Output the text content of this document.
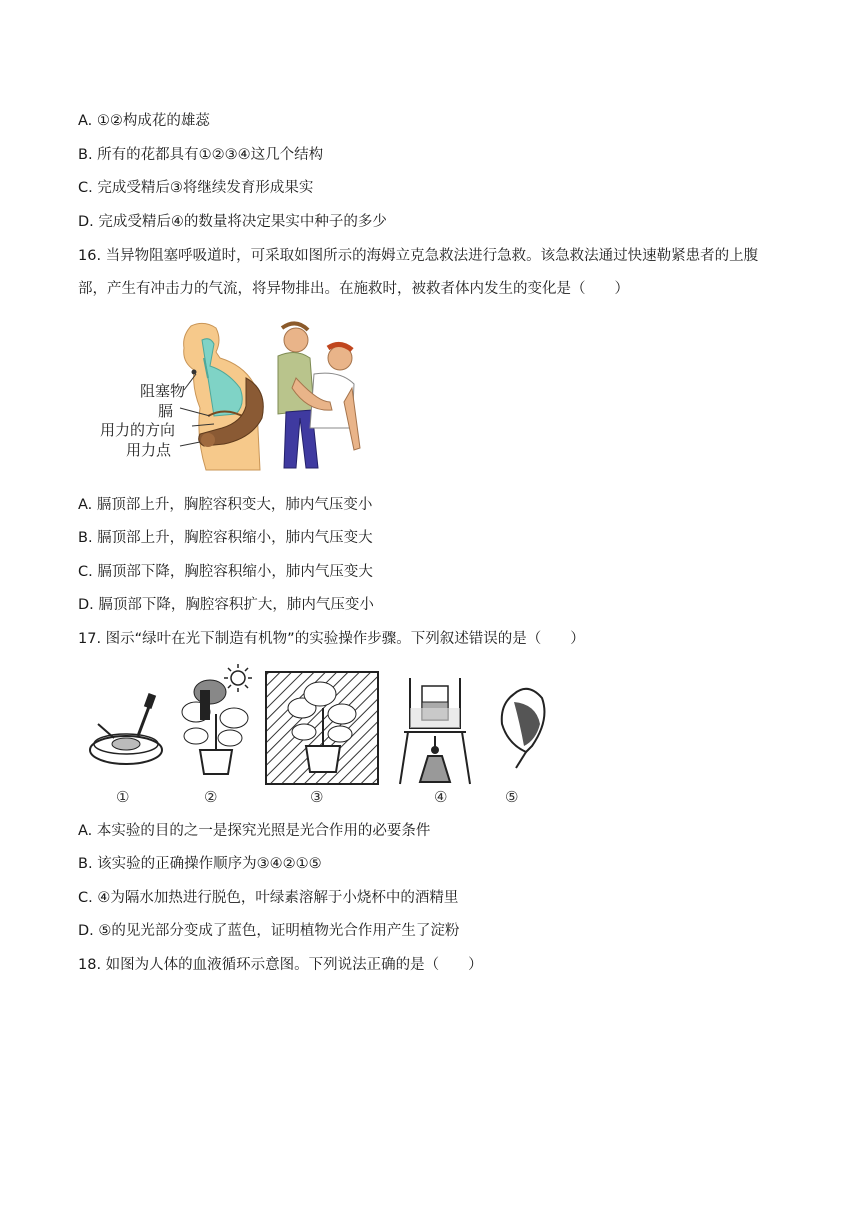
A. ①②构成花的雄蕊
B. 所有的花都具有①②③④这几个结构
C. 完成受精后③将继续发育形成果实
D. 完成受精后④的数量将决定果实中种子的多少
16. 当异物阻塞呼吸道时，可采取如图所示的海姆立克急救法进行急救。该急救法通过快速勒紧患者的上腹部，产生有冲击力的气流，将异物排出。在施救时，被救者体内发生的变化是（　　）
阻塞物
膈
用力的方向
用力点
A. 膈顶部上升，胸腔容积变大，肺内气压变小
B. 膈顶部上升，胸腔容积缩小，肺内气压变大
C. 膈顶部下降，胸腔容积缩小，肺内气压变大
D. 膈顶部下降，胸腔容积扩大，肺内气压变小
17. 图示“绿叶在光下制造有机物”的实验操作步骤。下列叙述错误的是（　　）
①	②	③	④	⑤
A. 本实验的目的之一是探究光照是光合作用的必要条件
B. 该实验的正确操作顺序为③④②①⑤
C. ④为隔水加热进行脱色，叶绿素溶解于小烧杯中的酒精里
D. ⑤的见光部分变成了蓝色，证明植物光合作用产生了淀粉
18. 如图为人体的血液循环示意图。下列说法正确的是（　　）
